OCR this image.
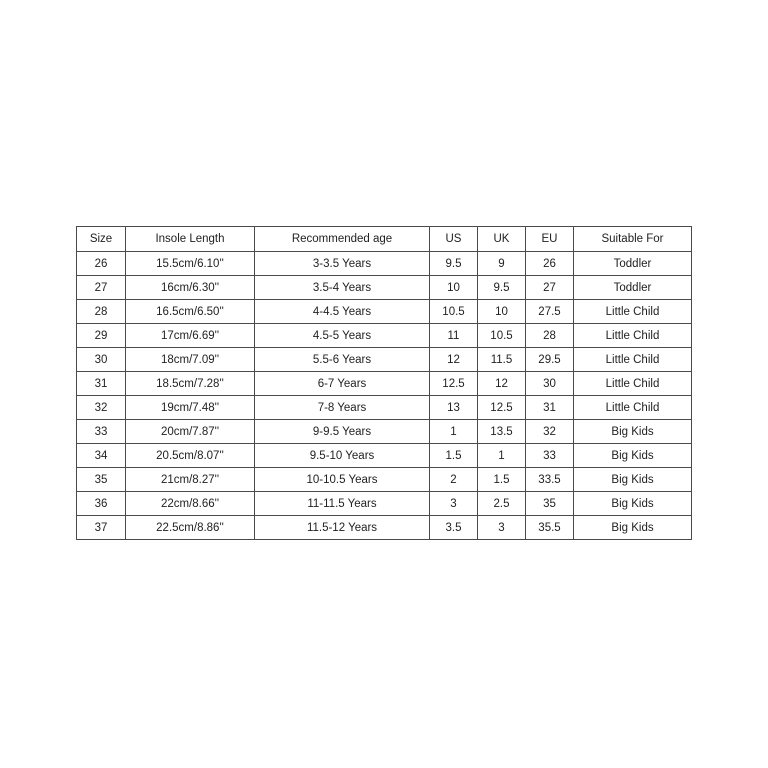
Size	Insole Length	Recommended age	US	UK	EU	Suitable For
26	15.5cm/6.10''	3-3.5 Years	9.5	9	26	Toddler
27	16cm/6.30''	3.5-4 Years	10	9.5	27	Toddler
28	16.5cm/6.50''	4-4.5 Years	10.5	10	27.5	Little Child
29	17cm/6.69''	4.5-5 Years	11	10.5	28	Little Child
30	18cm/7.09''	5.5-6 Years	12	11.5	29.5	Little Child
31	18.5cm/7.28''	6-7 Years	12.5	12	30	Little Child
32	19cm/7.48''	7-8 Years	13	12.5	31	Little Child
33	20cm/7.87''	9-9.5 Years	1	13.5	32	Big Kids
34	20.5cm/8.07''	9.5-10 Years	1.5	1	33	Big Kids
35	21cm/8.27''	10-10.5 Years	2	1.5	33.5	Big Kids
36	22cm/8.66''	11-11.5 Years	3	2.5	35	Big Kids
37	22.5cm/8.86''	11.5-12 Years	3.5	3	35.5	Big Kids
